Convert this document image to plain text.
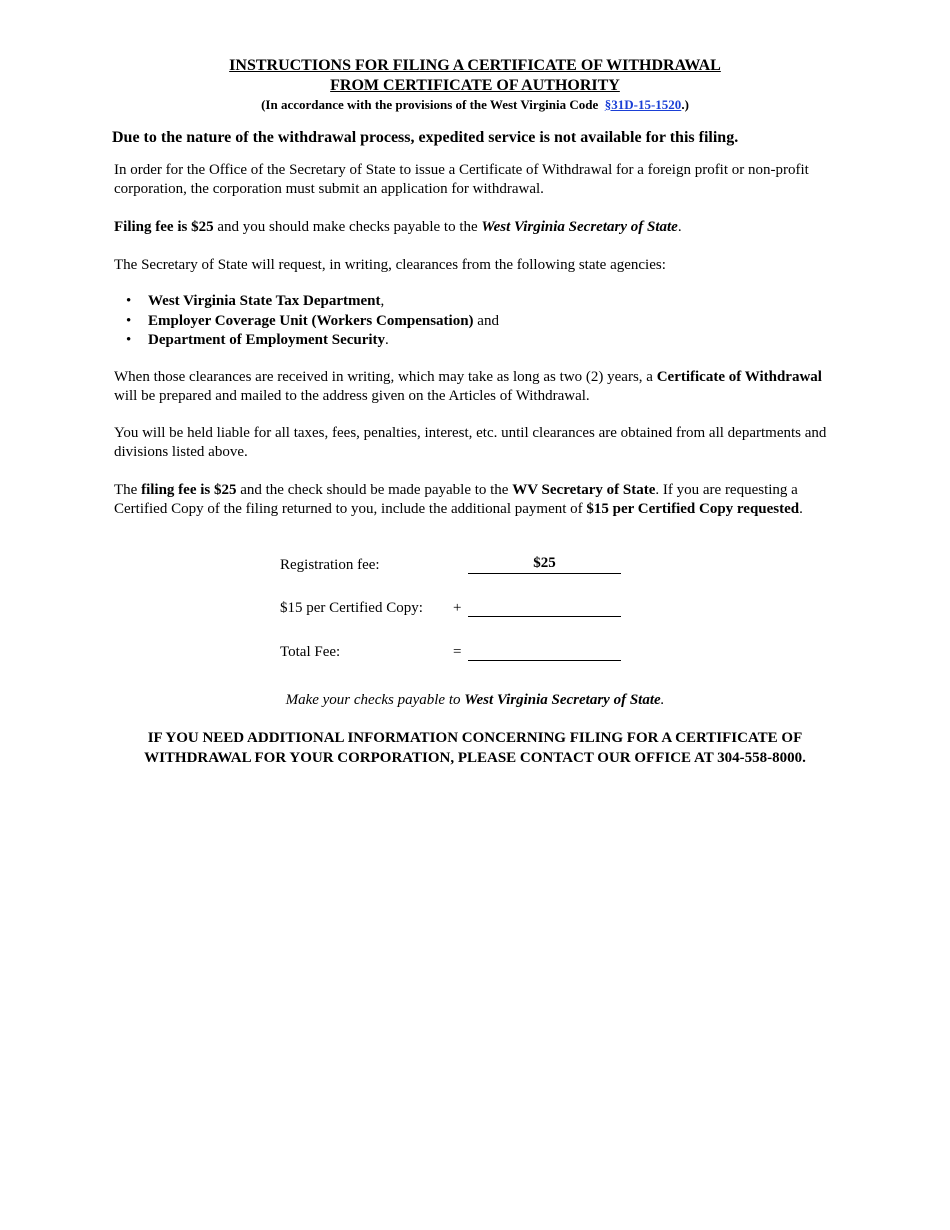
INSTRUCTIONS FOR FILING A CERTIFICATE OF WITHDRAWAL
FROM CERTIFICATE OF AUTHORITY
(In accordance with the provisions of the West Virginia Code §31D-15-1520.)
Due to the nature of the withdrawal process, expedited service is not available for this filing.
In order for the Office of the Secretary of State to issue a Certificate of Withdrawal for a foreign profit or non-profit corporation, the corporation must submit an application for withdrawal.
Filing fee is $25 and you should make checks payable to the West Virginia Secretary of State.
The Secretary of State will request, in writing, clearances from the following state agencies:
•	West Virginia State Tax Department,
•	Employer Coverage Unit (Workers Compensation) and
•	Department of Employment Security.
When those clearances are received in writing, which may take as long as two (2) years, a Certificate of Withdrawal will be prepared and mailed to the address given on the Articles of Withdrawal.
You will be held liable for all taxes, fees, penalties, interest, etc. until clearances are obtained from all departments and divisions listed above.
The filing fee is $25 and the check should be made payable to the WV Secretary of State. If you are requesting a Certified Copy of the filing returned to you, include the additional payment of $15 per Certified Copy requested.
Registration fee:	$25
$15 per Certified Copy: +
Total Fee:	=
Make your checks payable to West Virginia Secretary of State.
IF YOU NEED ADDITIONAL INFORMATION CONCERNING FILING FOR A CERTIFICATE OF
WITHDRAWAL FOR YOUR CORPORATION, PLEASE CONTACT OUR OFFICE AT 304-558-8000.
